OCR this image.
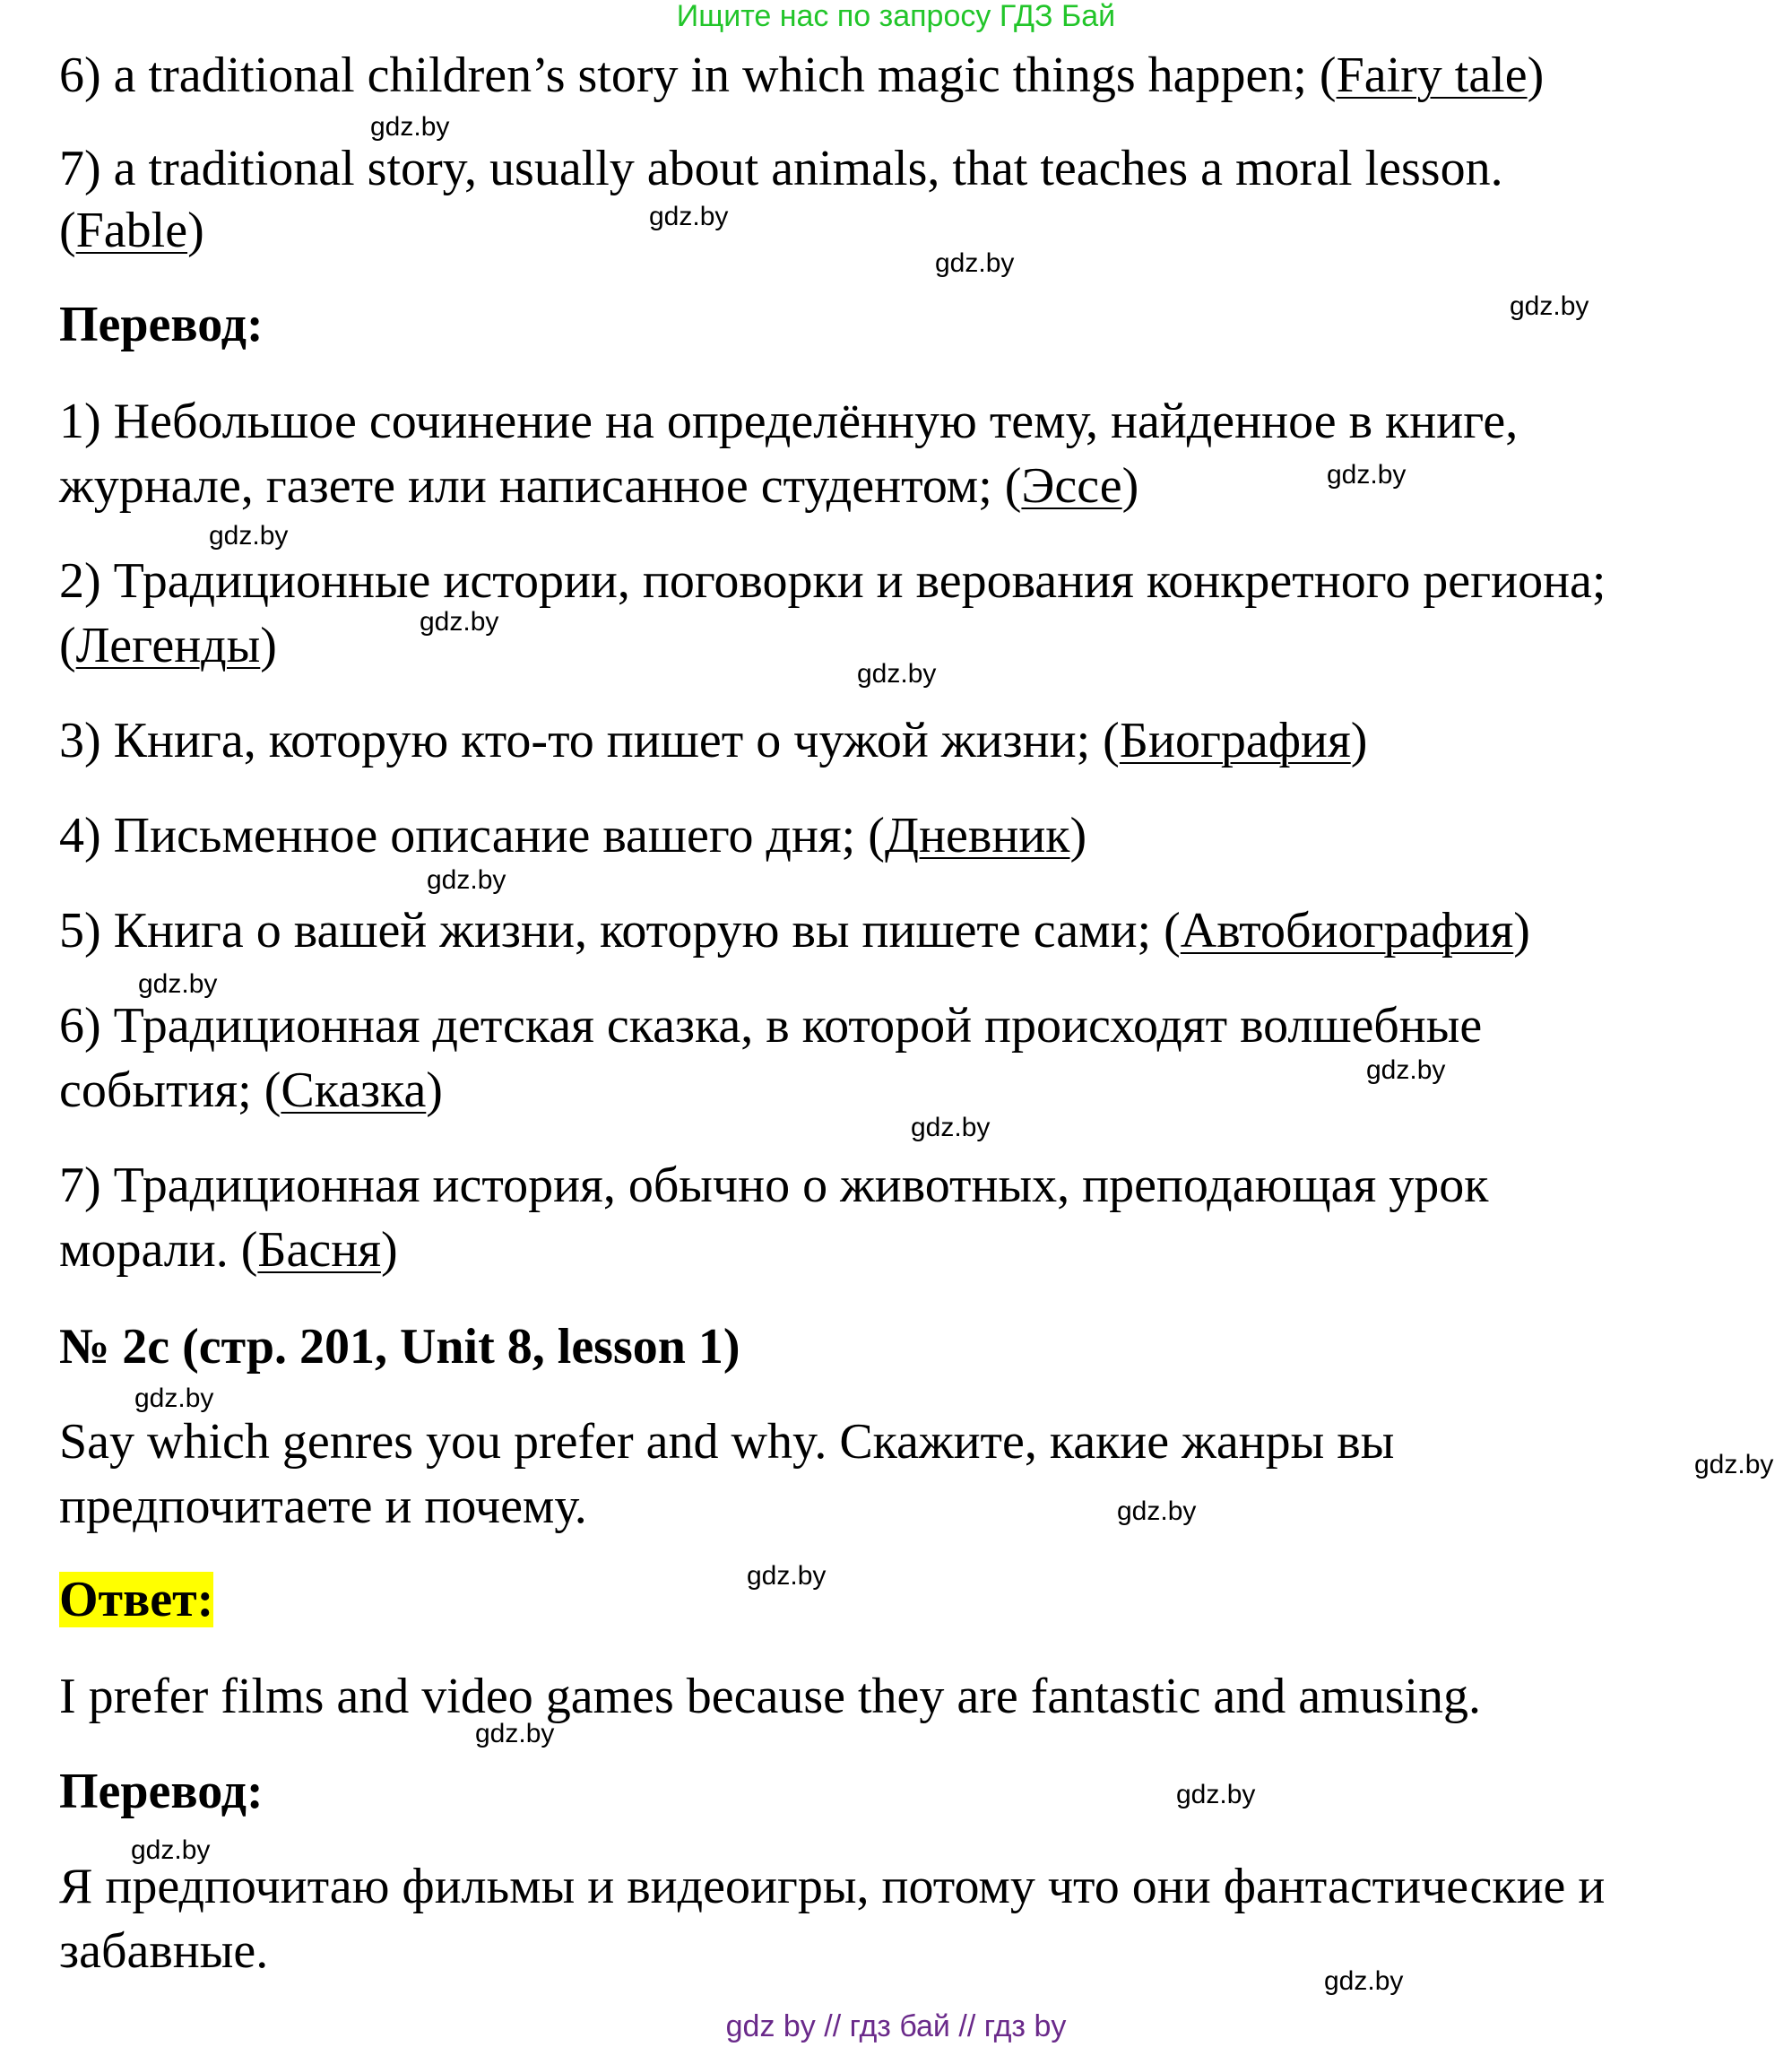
Ищите нас по запросу ГДЗ Бай
6) a traditional children’s story in which magic things happen; (Fairy tale)
7) a traditional story, usually about animals, that teaches a moral lesson.
(Fable)
Перевод:
1) Небольшое сочинение на определённую тему, найденное в книге,
журнале, газете или написанное студентом; (Эссе)
2) Традиционные истории, поговорки и верования конкретного региона;
(Легенды)
3) Книга, которую кто-то пишет о чужой жизни; (Биография)
4) Письменное описание вашего дня; (Дневник)
5) Книга о вашей жизни, которую вы пишете сами; (Автобиография)
6) Традиционная детская сказка, в которой происходят волшебные
события; (Сказка)
7) Традиционная история, обычно о животных, преподающая урок
морали. (Басня)
№ 2с (стр. 201, Unit 8, lesson 1)
Say which genres you prefer and why. Скажите, какие жанры вы
предпочитаете и почему.
Ответ:
I prefer films and video games because they are fantastic and amusing.
Перевод:
Я предпочитаю фильмы и видеоигры, потому что они фантастические и
забавные.
gdz.by
gdz.by
gdz.by
gdz.by
gdz.by
gdz.by
gdz.by
gdz.by
gdz.by
gdz.by
gdz.by
gdz.by
gdz.by
gdz.by
gdz.by
gdz.by
gdz.by
gdz.by
gdz.by
gdz.by
gdz by // гдз бай // гдз by
